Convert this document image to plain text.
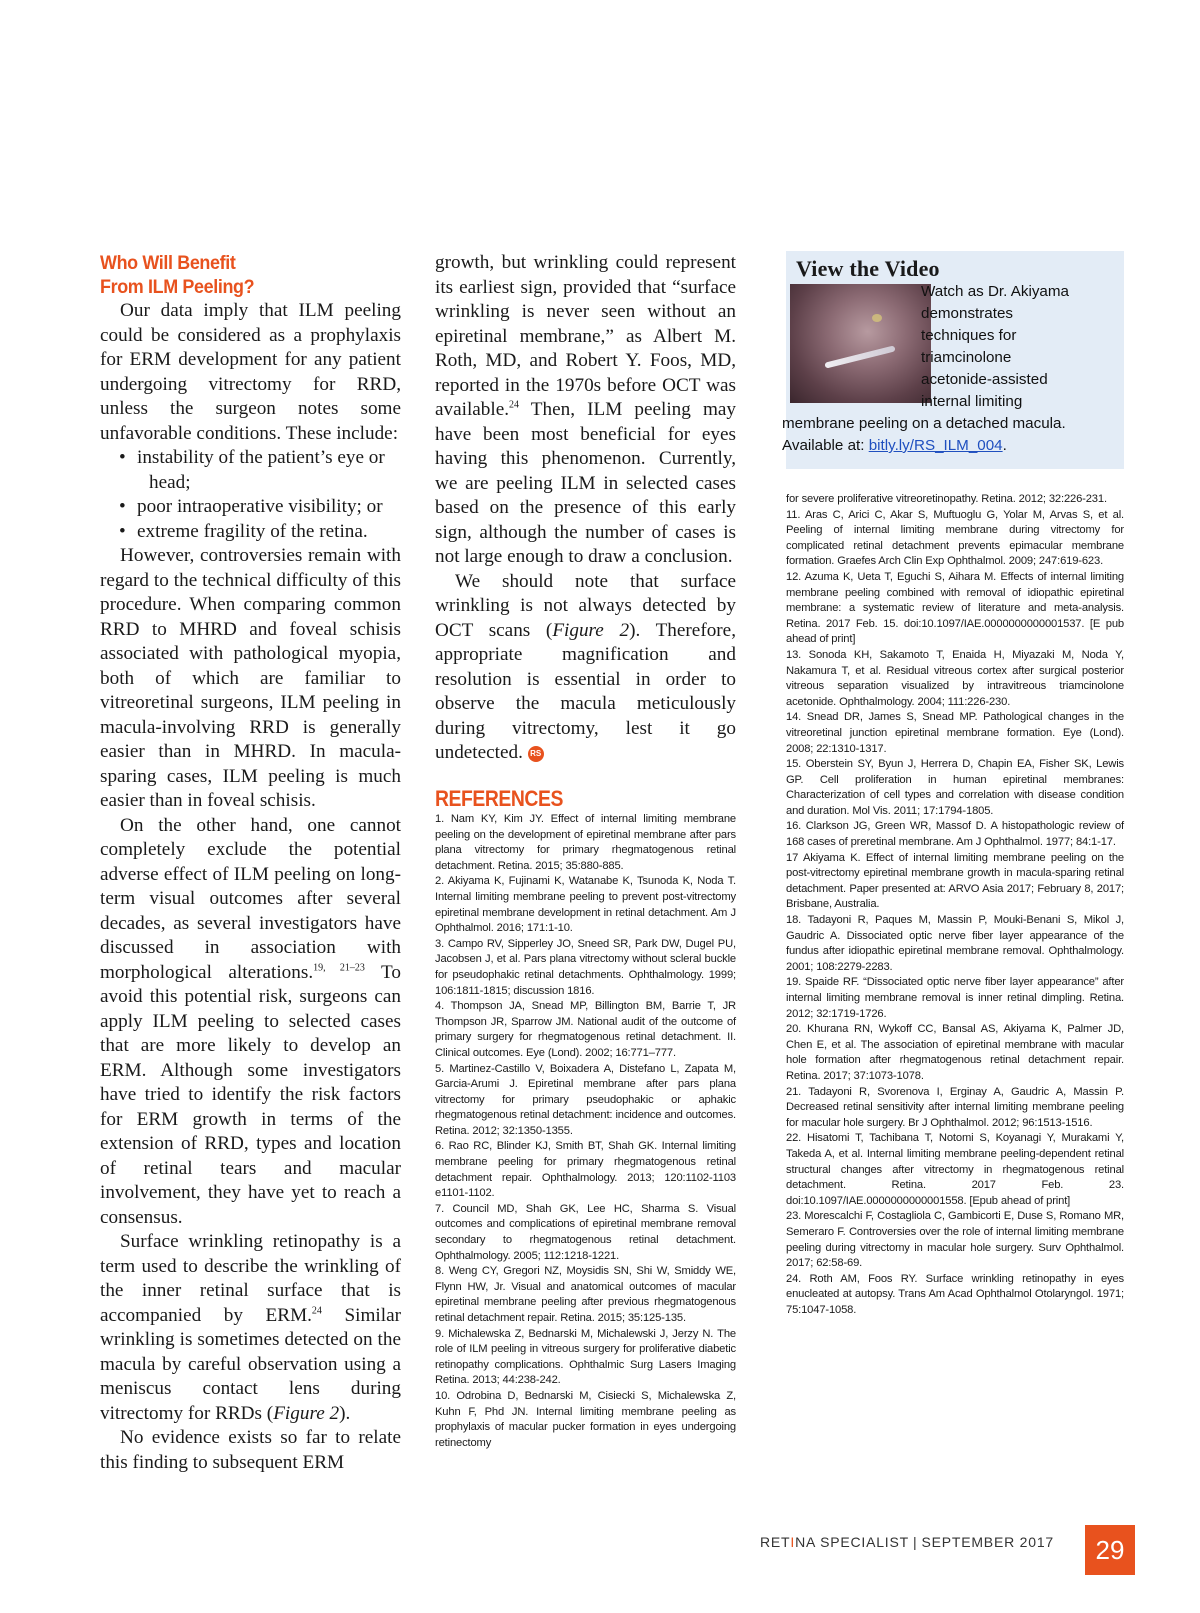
Who Will Benefit
From ILM Peeling?

Our data imply that ILM peeling could be considered as a prophylaxis for ERM development for any patient undergoing vitrectomy for RRD, unless the surgeon notes some unfavorable conditions. These include:

• instability of the patient’s eye or
head;
• poor intraoperative visibility; or
• extreme fragility of the retina.

However, controversies remain with regard to the technical difficulty of this procedure. When comparing common RRD to MHRD and foveal schisis associated with pathological myopia, both of which are familiar to vitreoretinal surgeons, ILM peeling in macula-involving RRD is generally easier than in MHRD. In macula-sparing cases, ILM peeling is much easier than in foveal schisis.

On the other hand, one cannot completely exclude the potential adverse effect of ILM peeling on long-term visual outcomes after several decades, as several investigators have discussed in association with morphological alterations.$^{19, 21-23}$ To avoid this potential risk, surgeons can apply ILM peeling to selected cases that are more likely to develop an ERM. Although some investigators have tried to identify the risk factors for ERM growth in terms of the extension of RRD, types and location of retinal tears and macular involvement, they have yet to reach a consensus.

Surface wrinkling retinopathy is a term used to describe the wrinkling of the inner retinal surface that is accompanied by ERM.$^{24}$ Similar wrinkling is sometimes detected on the macula by careful observation using a meniscus contact lens during vitrectomy for RRDs (Figure 2).

No evidence exists so far to relate this finding to subsequent ERM

growth, but wrinkling could represent its earliest sign, provided that “surface wrinkling is never seen without an epiretinal membrane,” as Albert M. Roth, MD, and Robert Y. Foos, MD, reported in the 1970s before OCT was available.$^{24}$ Then, ILM peeling may have been most beneficial for eyes having this phenomenon. Currently, we are peeling ILM in selected cases based on the presence of this early sign, although the number of cases is not large enough to draw a conclusion.

We should note that surface wrinkling is not always detected by OCT scans (Figure 2). Therefore, appropriate magnification and resolution is essential in order to observe the macula meticulously during vitrectomy, lest it go undetected. RS

REFERENCES
1. Nam KY, Kim JY. Effect of internal limiting membrane peeling on the development of epiretinal membrane after pars plana vitrectomy for primary rhegmatogenous retinal detachment. Retina. 2015; 35:880-885.
2. Akiyama K, Fujinami K, Watanabe K, Tsunoda K, Noda T. Internal limiting membrane peeling to prevent post-vitrectomy epiretinal membrane development in retinal detachment. Am J Ophthalmol. 2016; 171:1-10.
3. Campo RV, Sipperley JO, Sneed SR, Park DW, Dugel PU, Jacobsen J, et al. Pars plana vitrectomy without scleral buckle for pseudophakic retinal detachments. Ophthalmology. 1999; 106:1811-1815; discussion 1816.
4. Thompson JA, Snead MP, Billington BM, Barrie T, JR Thompson JR, Sparrow JM. National audit of the outcome of primary surgery for rhegmatogenous retinal detachment. II. Clinical outcomes. Eye (Lond). 2002; 16:771–777.
5. Martinez-Castillo V, Boixadera A, Distefano L, Zapata M, Garcia-Arumi J. Epiretinal membrane after pars plana vitrectomy for primary pseudophakic or aphakic rhegmatogenous retinal detachment: incidence and outcomes. Retina. 2012; 32:1350-1355.
6. Rao RC, Blinder KJ, Smith BT, Shah GK. Internal limiting membrane peeling for primary rhegmatogenous retinal detachment repair. Ophthalmology. 2013; 120:1102-1103 e1101-1102.
7. Council MD, Shah GK, Lee HC, Sharma S. Visual outcomes and complications of epiretinal membrane removal secondary to rhegmatogenous retinal detachment. Ophthalmology. 2005; 112:1218-1221.
8. Weng CY, Gregori NZ, Moysidis SN, Shi W, Smiddy WE, Flynn HW, Jr. Visual and anatomical outcomes of macular epiretinal membrane peeling after previous rhegmatogenous retinal detachment repair. Retina. 2015; 35:125-135.
9. Michalewska Z, Bednarski M, Michalewski J, Jerzy N. The role of ILM peeling in vitreous surgery for proliferative diabetic retinopathy complications. Ophthalmic Surg Lasers Imaging Retina. 2013; 44:238-242.
10. Odrobina D, Bednarski M, Cisiecki S, Michalewska Z, Kuhn F, Phd JN. Internal limiting membrane peeling as prophylaxis of macular pucker formation in eyes undergoing retinectomy
View the Video
Watch as Dr. Akiyama
demonstrates
techniques for
triamcinolone
acetonide-assisted
internal limiting
membrane peeling on a detached macula.
Available at: bitly.ly/RS_ILM_004.
for severe proliferative vitreoretinopathy. Retina. 2012; 32:226-231.
11. Aras C, Arici C, Akar S, Muftuoglu G, Yolar M, Arvas S, et al. Peeling of internal limiting membrane during vitrectomy for complicated retinal detachment prevents epimacular membrane formation. Graefes Arch Clin Exp Ophthalmol. 2009; 247:619-623.
12. Azuma K, Ueta T, Eguchi S, Aihara M. Effects of internal limiting membrane peeling combined with removal of idiopathic epiretinal membrane: a systematic review of literature and meta-analysis. Retina. 2017 Feb. 15. doi:10.1097/IAE.0000000000001537. [E pub ahead of print]
13. Sonoda KH, Sakamoto T, Enaida H, Miyazaki M, Noda Y, Nakamura T, et al. Residual vitreous cortex after surgical posterior vitreous separation visualized by intravitreous triamcinolone acetonide. Ophthalmology. 2004; 111:226-230.
14. Snead DR, James S, Snead MP. Pathological changes in the vitreoretinal junction epiretinal membrane formation. Eye (Lond). 2008; 22:1310-1317.
15. Oberstein SY, Byun J, Herrera D, Chapin EA, Fisher SK, Lewis GP. Cell proliferation in human epiretinal membranes: Characterization of cell types and correlation with disease condition and duration. Mol Vis. 2011; 17:1794-1805.
16. Clarkson JG, Green WR, Massof D. A histopathologic review of 168 cases of preretinal membrane. Am J Ophthalmol. 1977; 84:1-17.
17 Akiyama K. Effect of internal limiting membrane peeling on the post-vitrectomy epiretinal membrane growth in macula-sparing retinal detachment. Paper presented at: ARVO Asia 2017; February 8, 2017; Brisbane, Australia.
18. Tadayoni R, Paques M, Massin P, Mouki-Benani S, Mikol J, Gaudric A. Dissociated optic nerve fiber layer appearance of the fundus after idiopathic epiretinal membrane removal. Ophthalmology. 2001; 108:2279-2283.
19. Spaide RF. “Dissociated optic nerve fiber layer appearance” after internal limiting membrane removal is inner retinal dimpling. Retina. 2012; 32:1719-1726.
20. Khurana RN, Wykoff CC, Bansal AS, Akiyama K, Palmer JD, Chen E, et al. The association of epiretinal membrane with macular hole formation after rhegmatogenous retinal detachment repair. Retina. 2017; 37:1073-1078.
21. Tadayoni R, Svorenova I, Erginay A, Gaudric A, Massin P. Decreased retinal sensitivity after internal limiting membrane peeling for macular hole surgery. Br J Ophthalmol. 2012; 96:1513-1516.
22. Hisatomi T, Tachibana T, Notomi S, Koyanagi Y, Murakami Y, Takeda A, et al. Internal limiting membrane peeling-dependent retinal structural changes after vitrectomy in rhegmatogenous retinal detachment. Retina. 2017 Feb. 23. doi:10.1097/IAE.0000000000001558. [Epub ahead of print]
23. Morescalchi F, Costagliola C, Gambicorti E, Duse S, Romano MR, Semeraro F. Controversies over the role of internal limiting membrane peeling during vitrectomy in macular hole surgery. Surv Ophthalmol. 2017; 62:58-69.
24. Roth AM, Foos RY. Surface wrinkling retinopathy in eyes enucleated at autopsy. Trans Am Acad Ophthalmol Otolaryngol. 1971; 75:1047-1058.
RETINA SPECIALIST | SEPTEMBER 2017	29
